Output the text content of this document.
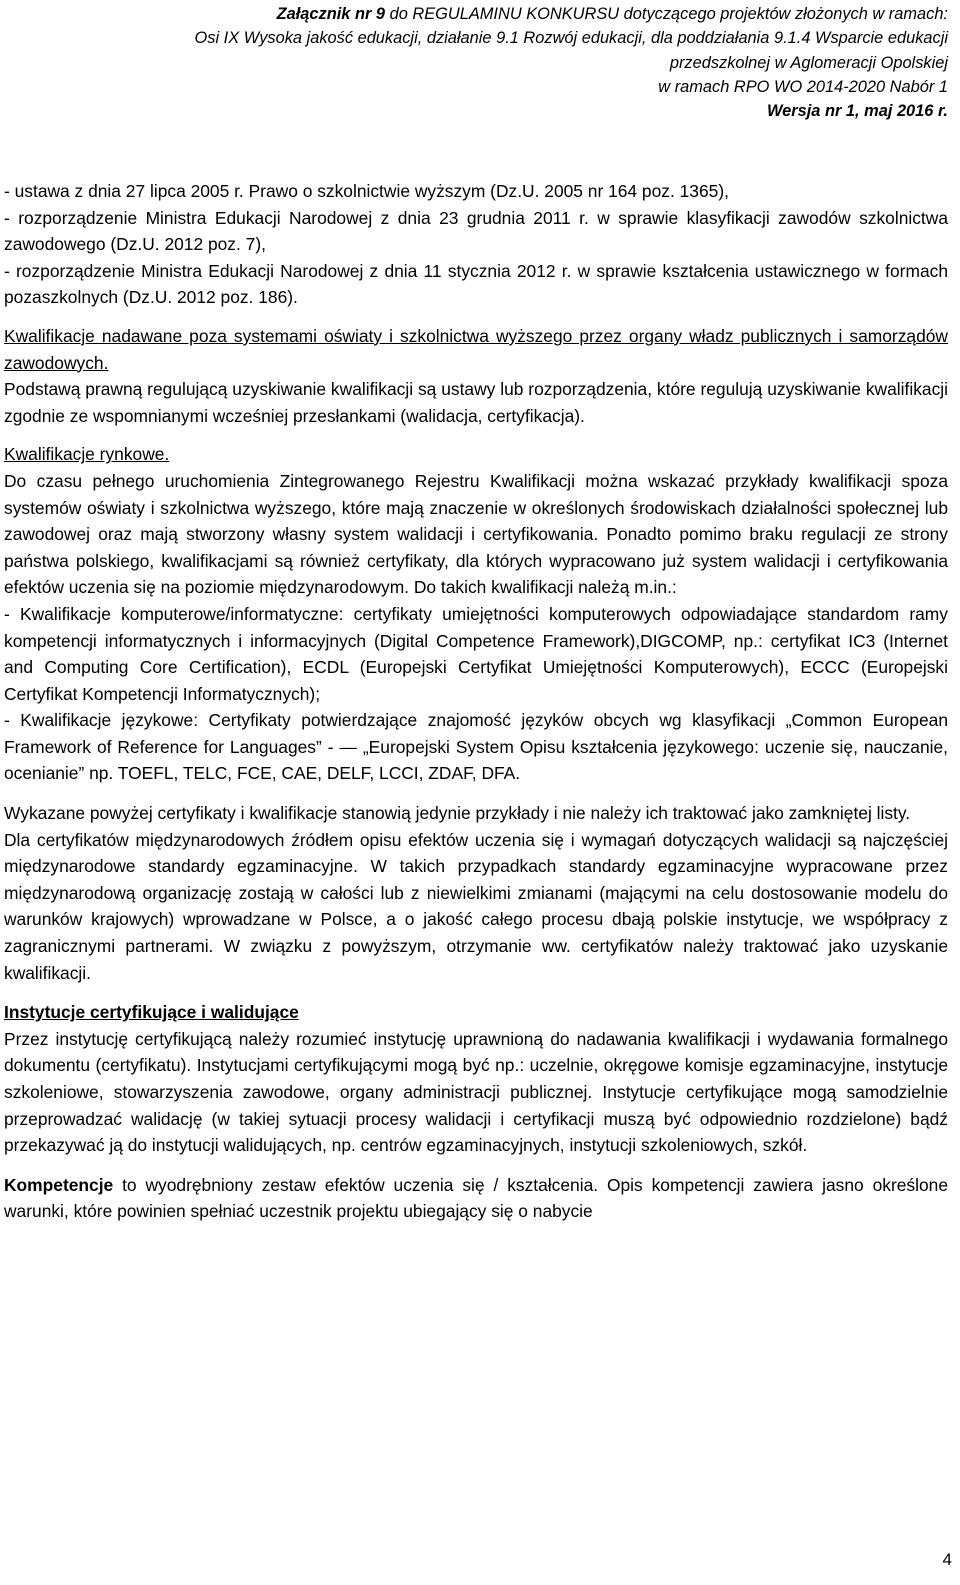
Załącznik nr 9 do REGULAMINU KONKURSU dotyczącego projektów złożonych w ramach:
Osi IX Wysoka jakość edukacji, działanie 9.1 Rozwój edukacji, dla poddziałania 9.1.4 Wsparcie edukacji
przedszkolnej w Aglomeracji Opolskiej
w ramach RPO WO 2014-2020 Nabór 1
Wersja nr 1, maj 2016 r.

- ustawa z dnia 27 lipca 2005 r. Prawo o szkolnictwie wyższym (Dz.U. 2005 nr 164 poz. 1365),

- rozporządzenie Ministra Edukacji Narodowej z dnia 23 grudnia 2011 r. w sprawie klasyfikacji zawodów szkolnictwa zawodowego (Dz.U. 2012 poz. 7),

- rozporządzenie Ministra Edukacji Narodowej z dnia 11 stycznia 2012 r. w sprawie kształcenia ustawicznego w formach pozaszkolnych (Dz.U. 2012 poz. 186).

Kwalifikacje nadawane poza systemami oświaty i szkolnictwa wyższego przez organy władz publicznych i samorządów zawodowych.

Podstawą prawną regulującą uzyskiwanie kwalifikacji są ustawy lub rozporządzenia, które regulują uzyskiwanie kwalifikacji zgodnie ze wspomnianymi wcześniej przesłankami (walidacja, certyfikacja).

Kwalifikacje rynkowe.

Do czasu pełnego uruchomienia Zintegrowanego Rejestru Kwalifikacji można wskazać przykłady kwalifikacji spoza systemów oświaty i szkolnictwa wyższego, które mają znaczenie w określonych środowiskach działalności społecznej lub zawodowej oraz mają stworzony własny system walidacji i certyfikowania. Ponadto pomimo braku regulacji ze strony państwa polskiego, kwalifikacjami są również certyfikaty, dla których wypracowano już system walidacji i certyfikowania efektów uczenia się na poziomie międzynarodowym. Do takich kwalifikacji należą m.in.:

- Kwalifikacje komputerowe/informatyczne: certyfikaty umiejętności komputerowych odpowiadające standardom ramy kompetencji informatycznych i informacyjnych (Digital Competence Framework),DIGCOMP, np.: certyfikat IC3 (Internet and Computing Core Certification), ECDL (Europejski Certyfikat Umiejętności Komputerowych), ECCC (Europejski Certyfikat Kompetencji Informatycznych);

- Kwalifikacje językowe: Certyfikaty potwierdzające znajomość języków obcych wg klasyfikacji „Common European Framework of Reference for Languages” - — „Europejski System Opisu kształcenia językowego: uczenie się, nauczanie, ocenianie” np. TOEFL, TELC, FCE, CAE, DELF, LCCI, ZDAF, DFA.

Wykazane powyżej certyfikaty i kwalifikacje stanowią jedynie przykłady i nie należy ich traktować jako zamkniętej listy.

Dla certyfikatów międzynarodowych źródłem opisu efektów uczenia się i wymagań dotyczących walidacji są najczęściej międzynarodowe standardy egzaminacyjne. W takich przypadkach standardy egzaminacyjne wypracowane przez międzynarodową organizację zostają w całości lub z niewielkimi zmianami (mającymi na celu dostosowanie modelu do warunków krajowych) wprowadzane w Polsce, a o jakość całego procesu dbają polskie instytucje, we współpracy z zagranicznymi partnerami. W związku z powyższym, otrzymanie ww. certyfikatów należy traktować jako uzyskanie kwalifikacji.

Instytucje certyfikujące i walidujące

Przez instytucję certyfikującą należy rozumieć instytucję uprawnioną do nadawania kwalifikacji i wydawania formalnego dokumentu (certyfikatu). Instytucjami certyfikującymi mogą być np.: uczelnie, okręgowe komisje egzaminacyjne, instytucje szkoleniowe, stowarzyszenia zawodowe, organy administracji publicznej. Instytucje certyfikujące mogą samodzielnie przeprowadzać walidację (w takiej sytuacji procesy walidacji i certyfikacji muszą być odpowiednio rozdzielone) bądź przekazywać ją do instytucji walidujących, np. centrów egzaminacyjnych, instytucji szkoleniowych, szkół.

Kompetencje to wyodrębniony zestaw efektów uczenia się / kształcenia. Opis kompetencji zawiera jasno określone warunki, które powinien spełniać uczestnik projektu ubiegający się o nabycie

4
